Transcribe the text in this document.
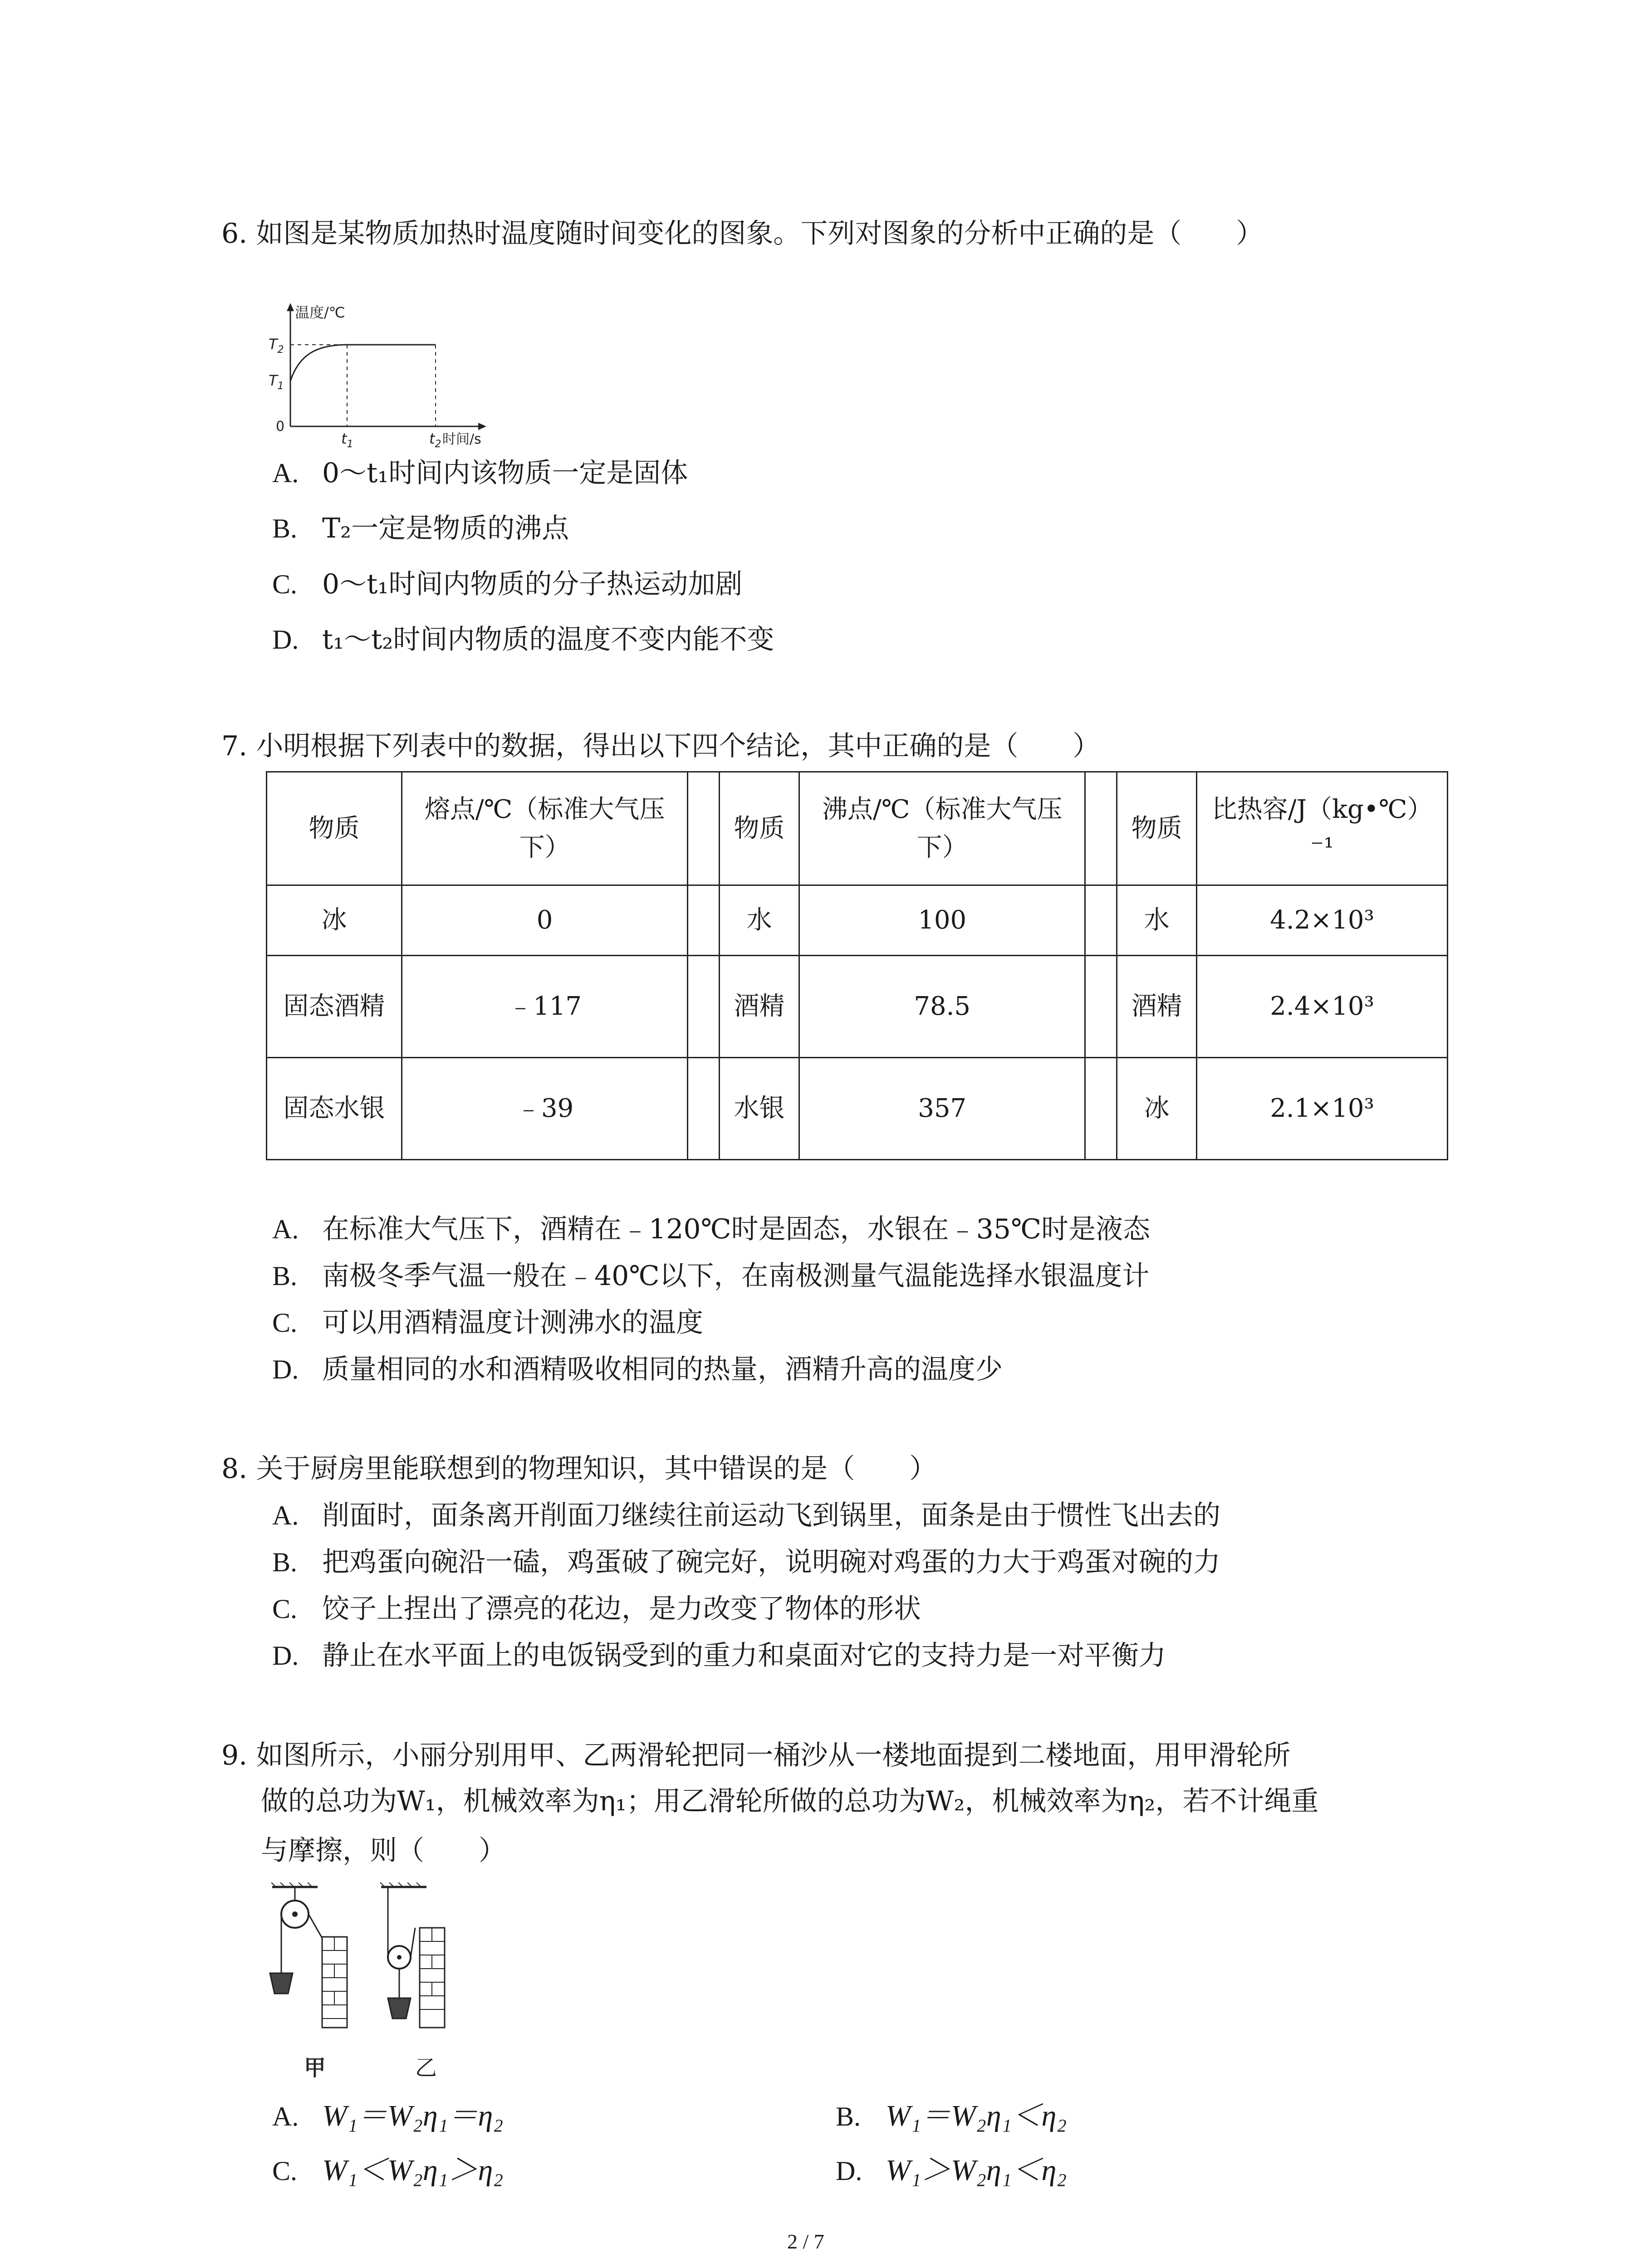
6. 如图是某物质加热时温度随时间变化的图象。下列对图象的分析中正确的是（　　）
温度/℃
时间/s
0
$T_2$
$T_1$
$t_1$	$t_2$
A. 0～t₁时间内该物质一定是固体
B. T₂一定是物质的沸点
C. 0～t₁时间内物质的分子热运动加剧
D. t₁～t₂时间内物质的温度不变内能不变
7. 小明根据下列表中的数据，得出以下四个结论，其中正确的是（　　）
物质	熔点/℃（标准大气压下）		物质	沸点/℃（标准大气压下）		物质	比热容/J（kg•℃）⁻¹
冰	0		水	100		水	4.2×10³
固态酒精	﹣117		酒精	78.5		酒精	2.4×10³
固态水银	﹣39		水银	357		冰	2.1×10³
A. 在标准大气压下，酒精在﹣120℃时是固态，水银在﹣35℃时是液态
B. 南极冬季气温一般在﹣40℃以下，在南极测量气温能选择水银温度计
C. 可以用酒精温度计测沸水的温度
D. 质量相同的水和酒精吸收相同的热量，酒精升高的温度少
8. 关于厨房里能联想到的物理知识，其中错误的是（　　）
A. 削面时，面条离开削面刀继续往前运动飞到锅里，面条是由于惯性飞出去的
B. 把鸡蛋向碗沿一磕，鸡蛋破了碗完好，说明碗对鸡蛋的力大于鸡蛋对碗的力
C. 饺子上捏出了漂亮的花边，是力改变了物体的形状
D. 静止在水平面上的电饭锅受到的重力和桌面对它的支持力是一对平衡力
9. 如图所示，小丽分别用甲、乙两滑轮把同一桶沙从一楼地面提到二楼地面，用甲滑轮所
做的总功为W₁，机械效率为η₁；用乙滑轮所做的总功为W₂，机械效率为η₂，若不计绳重
与摩擦，则（　　）
甲	乙
A. W₁＝W₂η₁＝η₂	B. W₁＝W₂η₁＜η₂
C. W₁＜W₂η₁＞η₂	D. W₁＞W₂η₁＜η₂
2 / 7
